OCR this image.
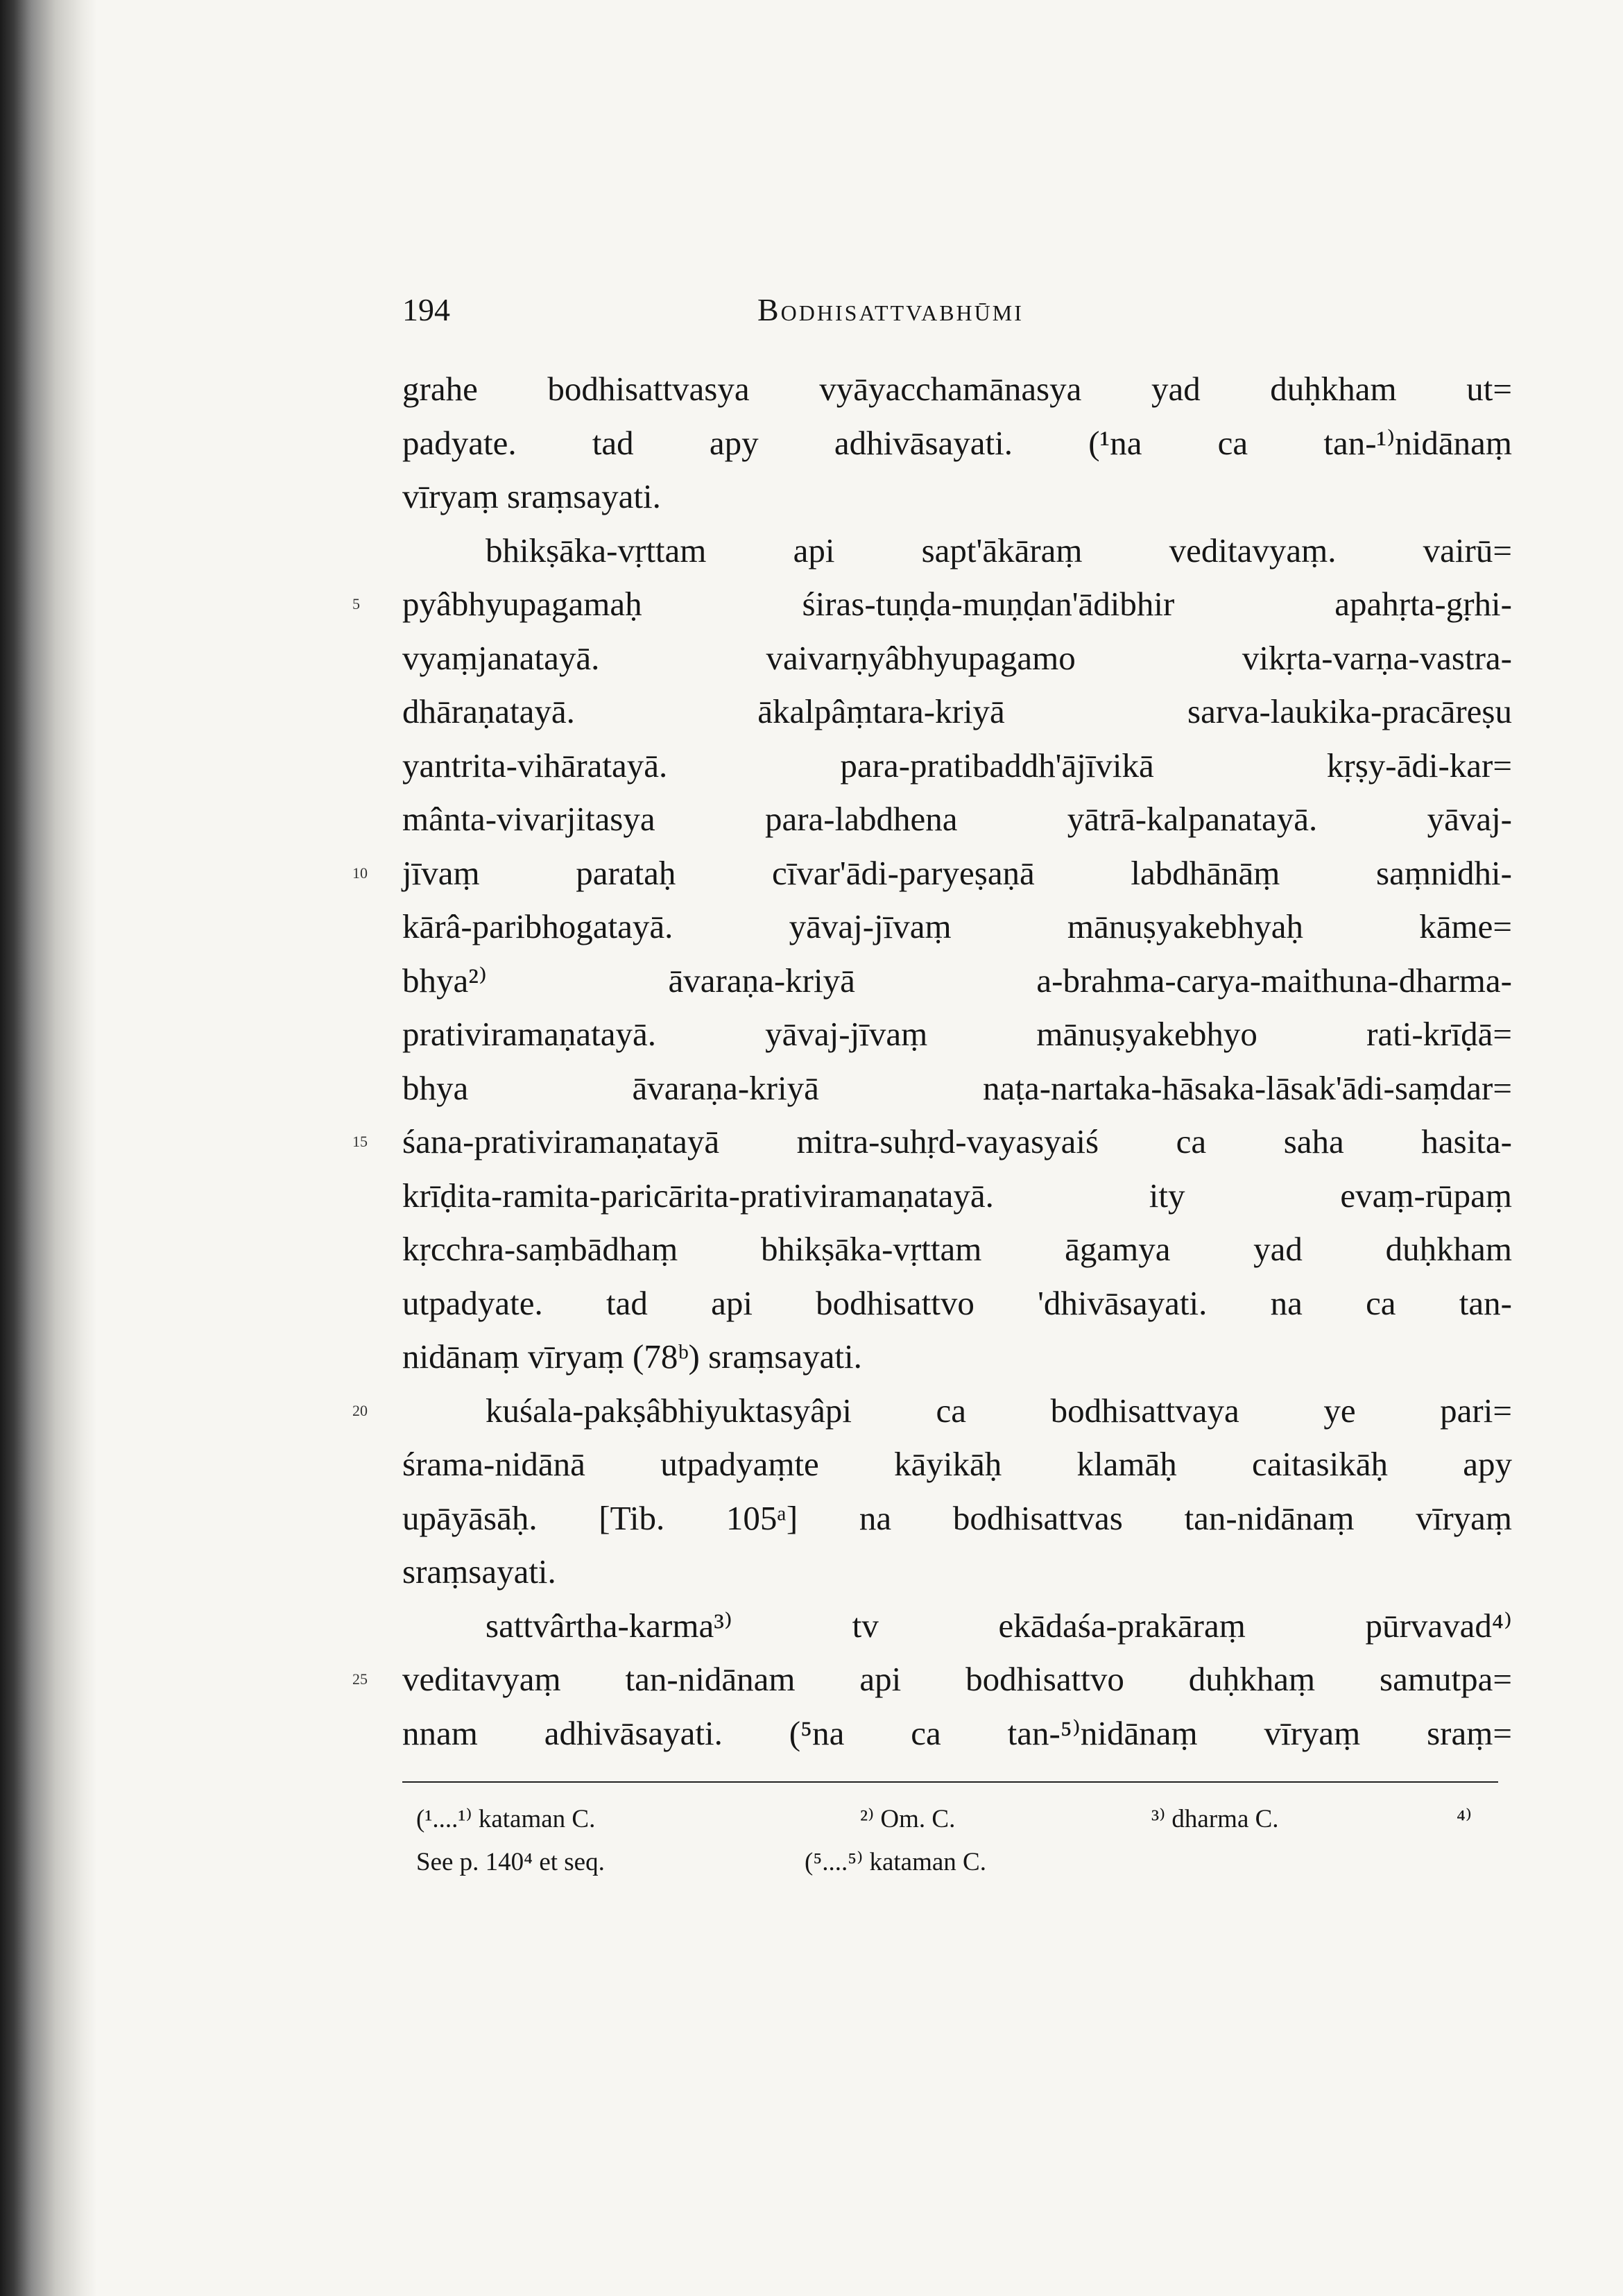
194	Bodhisattvabhūmi
grahe bodhisattvasya vyāyacchamānasya yad duḥkham ut=
padyate. tad apy adhivāsayati. (¹na ca tan-¹⁾nidānaṃ
vīryaṃ sraṃsayati.
bhikṣāka-vṛttam api sapt'ākāraṃ veditavyaṃ. vairū=
5 pyâbhyupagamaḥ śiras-tuṇḍa-muṇḍan'ādibhir apahṛta-gṛhi-
vyaṃjanatayā. vaivarṇyâbhyupagamo vikṛta-varṇa-vastra-
dhāraṇatayā. ākalpâṃtara-kriyā sarva-laukika-pracāreṣu
yantrita-vihāratayā. para-pratibaddh'ājīvikā kṛṣy-ādi-kar=
mânta-vivarjitasya para-labdhena yātrā-kalpanatayā. yāvaj-
10 jīvaṃ parataḥ cīvar'ādi-paryeṣaṇā labdhānāṃ saṃnidhi-
kārâ-paribhogatayā. yāvaj-jīvaṃ mānuṣyakebhyaḥ kāme=
bhya²⁾ āvaraṇa-kriyā a-brahma-carya-maithuna-dharma-
prativiramaṇatayā. yāvaj-jīvaṃ mānuṣyakebhyo rati-krīḍā=
bhya āvaraṇa-kriyā naṭa-nartaka-hāsaka-lāsak'ādi-saṃdar=
15 śana-prativiramaṇatayā mitra-suhṛd-vayasyaiś ca saha hasita-
krīḍita-ramita-paricārita-prativiramaṇatayā. ity evaṃ-rūpaṃ
kṛcchra-saṃbādhaṃ bhikṣāka-vṛttam āgamya yad duḥkham
utpadyate. tad api bodhisattvo 'dhivāsayati. na ca tan-
nidānaṃ vīryaṃ (78ᵇ) sraṃsayati.
20	kuśala-pakṣâbhiyuktasyâpi ca bodhisattvaya ye pari=
śrama-nidānā utpadyaṃte kāyikāḥ klamāḥ caitasikāḥ apy
upāyāsāḥ. [Tib. 105ᵃ] na bodhisattvas tan-nidānaṃ vīryaṃ
sraṃsayati.
sattvârtha-karma³⁾ tv ekādaśa-prakāraṃ pūrvavad⁴⁾
25 veditavyaṃ tan-nidānam api bodhisattvo duḥkhaṃ samutpa=
nnam adhivāsayati. (⁵na ca tan-⁵⁾nidānaṃ vīryaṃ sraṃ=
(¹....¹⁾ kataman C.	²⁾ Om. C.	³⁾ dharma C.	⁴⁾
See p. 140⁴ et seq.	(⁵....⁵⁾ kataman C.
